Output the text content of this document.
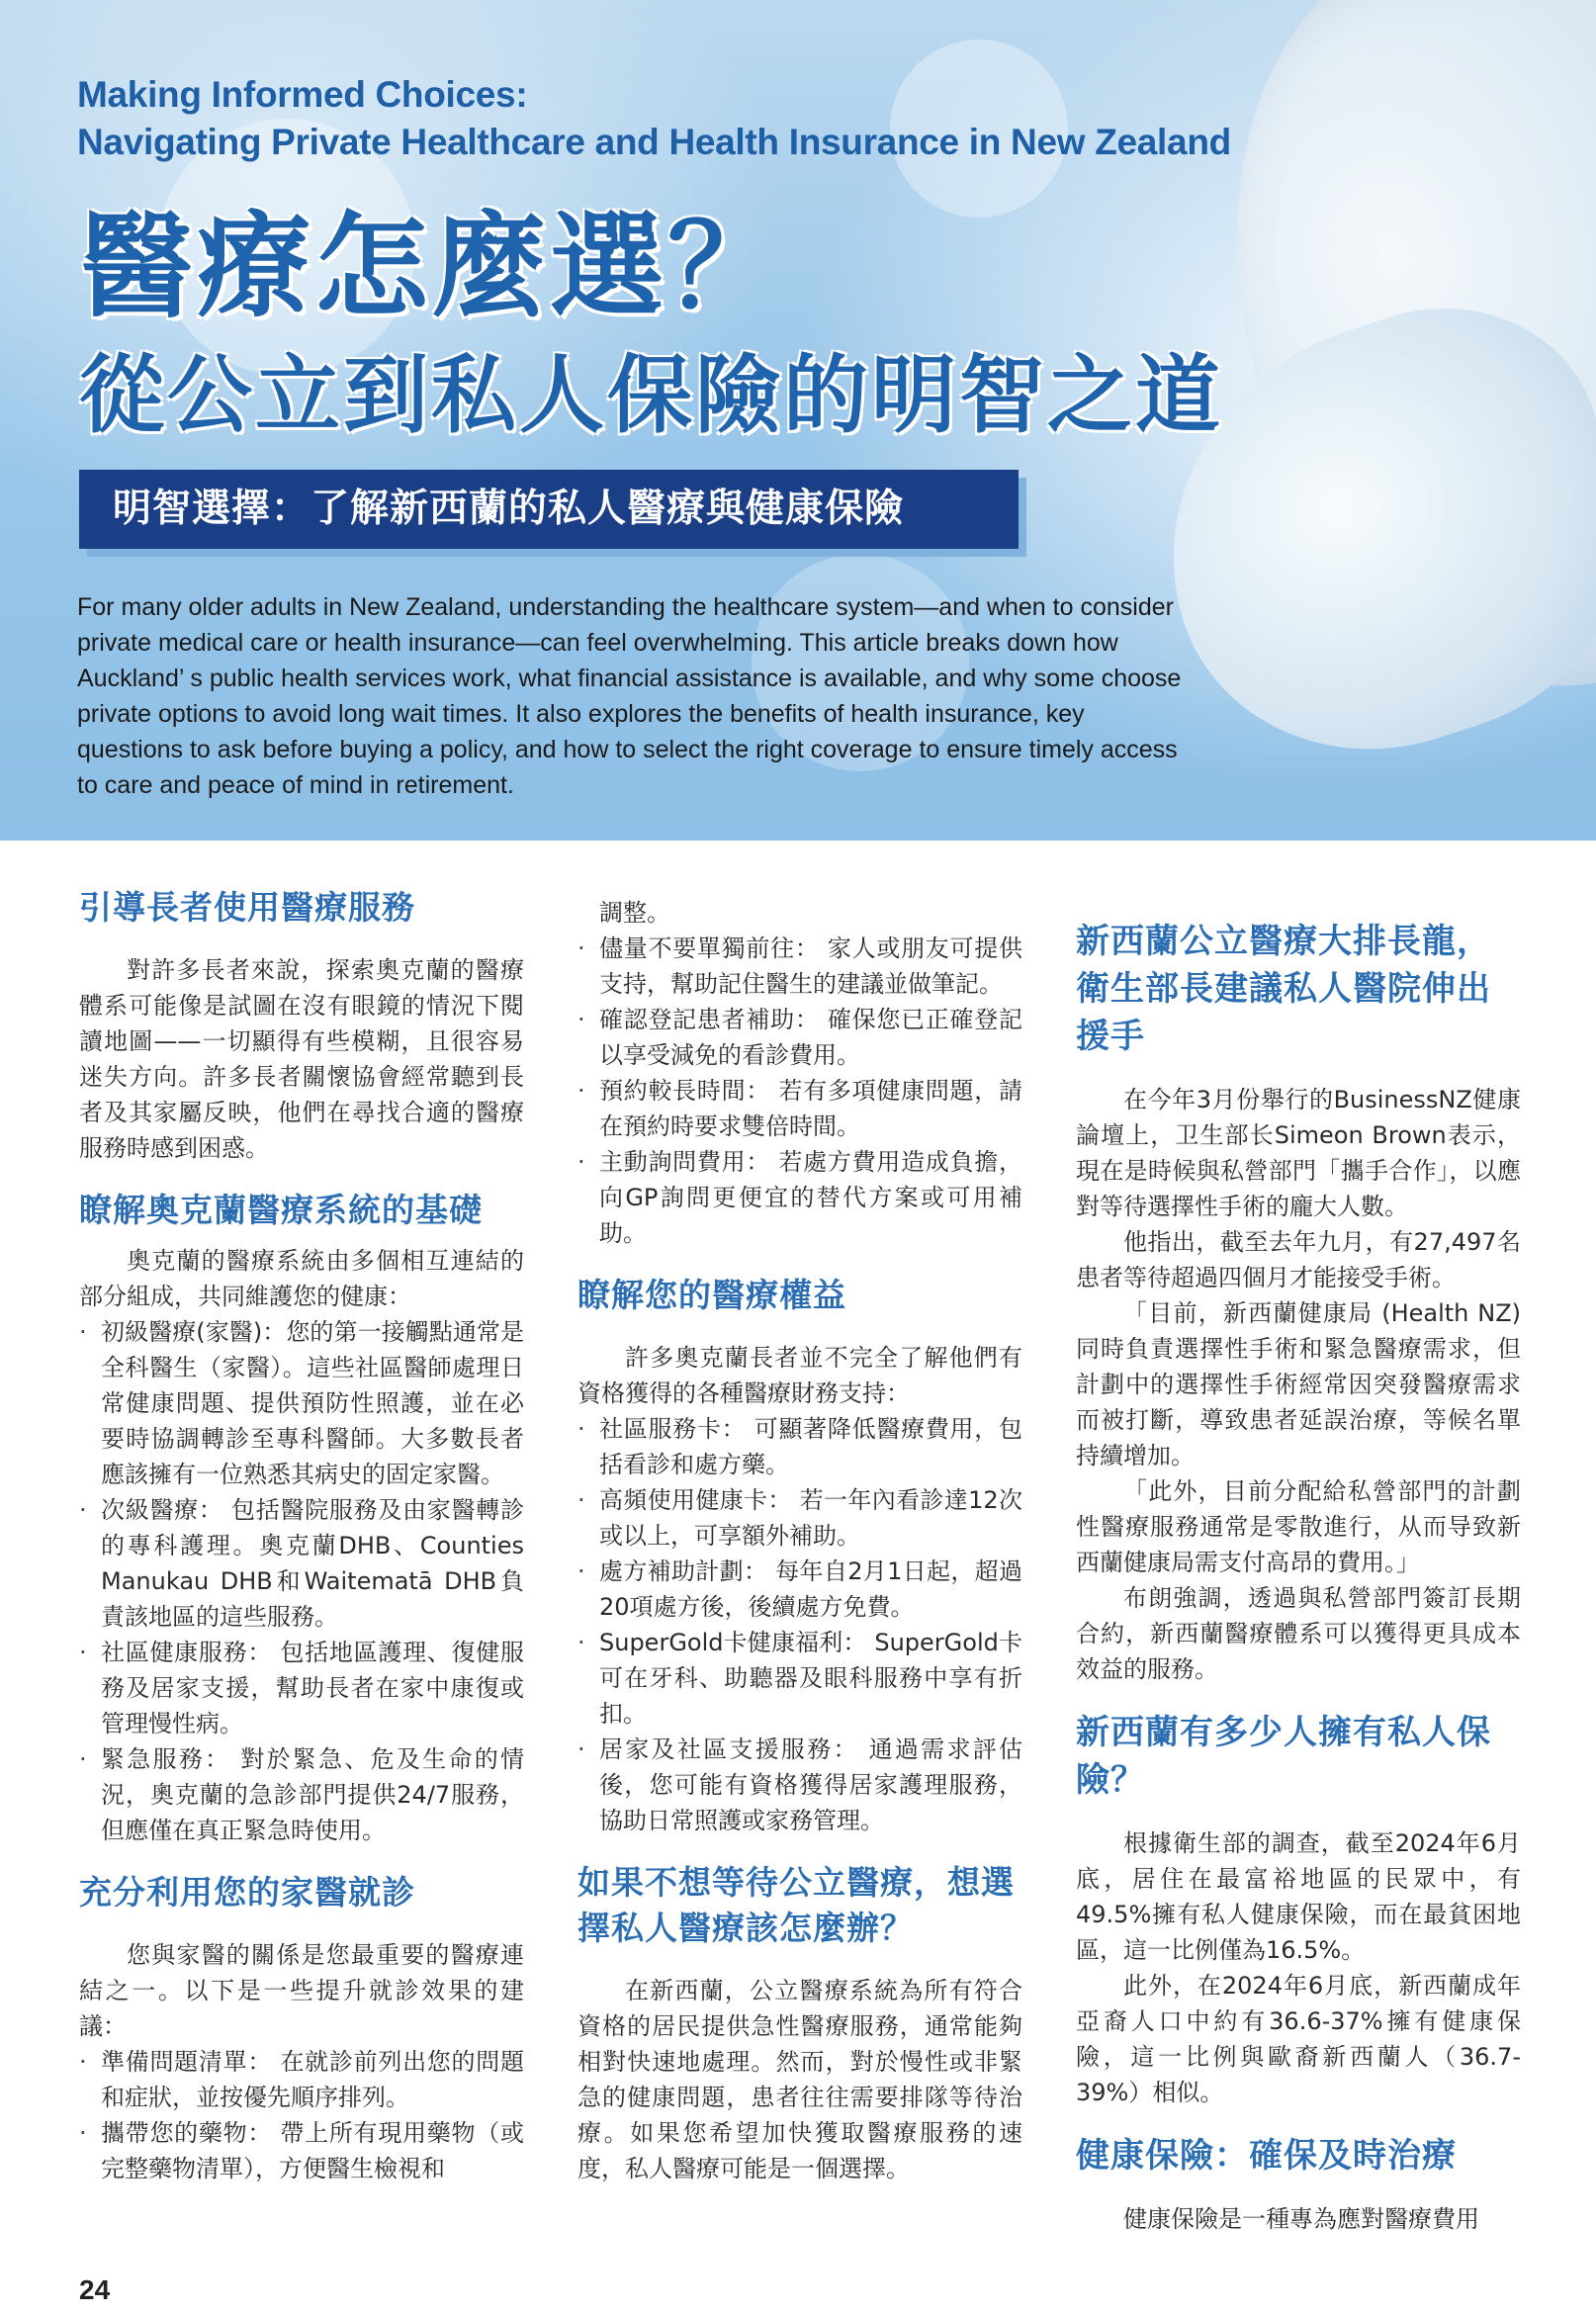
Making Informed Choices:
Navigating Private Healthcare and Health Insurance in New Zealand
醫療怎麼選？
從公立到私人保險的明智之道
明智選擇：了解新西蘭的私人醫療與健康保險
For many older adults in New Zealand, understanding the healthcare system—and when to consider private medical care or health insurance—can feel overwhelming. This article breaks down how Auckland’ s public health services work, what financial assistance is available, and why some choose private options to avoid long wait times. It also explores the benefits of health insurance, key questions to ask before buying a policy, and how to select the right coverage to ensure timely access to care and peace of mind in retirement.
引導長者使用醫療服務

對許多長者來說，探索奧克蘭的醫療體系可能像是試圖在沒有眼鏡的情況下閱讀地圖——一切顯得有些模糊，且很容易迷失方向。許多長者關懷協會經常聽到長者及其家屬反映，他們在尋找合適的醫療服務時感到困惑。

瞭解奧克蘭醫療系統的基礎

奧克蘭的醫療系統由多個相互連結的部分組成，共同維護您的健康：

· 初級醫療(家醫)：您的第一接觸點通常是全科醫生（家醫）。這些社區醫師處理日常健康問題、提供預防性照護，並在必要時協調轉診至專科醫師。大多數長者應該擁有一位熟悉其病史的固定家醫。
· 次級醫療： 包括醫院服務及由家醫轉診的專科護理。奧克蘭DHB、Counties Manukau DHB和Waitematā DHB負責該地區的這些服務。
· 社區健康服務： 包括地區護理、復健服務及居家支援，幫助長者在家中康復或管理慢性病。
· 緊急服務： 對於緊急、危及生命的情況，奧克蘭的急診部門提供24/7服務，但應僅在真正緊急時使用。
充分利用您的家醫就診

您與家醫的關係是您最重要的醫療連結之一。以下是一些提升就診效果的建議：

· 準備問題清單： 在就診前列出您的問題和症狀，並按優先順序排列。
· 攜帶您的藥物： 帶上所有現用藥物（或完整藥物清單），方便醫生檢視和

調整。

· 儘量不要單獨前往： 家人或朋友可提供支持，幫助記住醫生的建議並做筆記。
· 確認登記患者補助： 確保您已正確登記以享受減免的看診費用。
· 預約較長時間： 若有多項健康問題，請在預約時要求雙倍時間。
· 主動詢問費用： 若處方費用造成負擔，向GP詢問更便宜的替代方案或可用補助。
瞭解您的醫療權益

許多奧克蘭長者並不完全了解他們有資格獲得的各種醫療財務支持：

· 社區服務卡： 可顯著降低醫療費用，包括看診和處方藥。
· 高頻使用健康卡： 若一年內看診達12次或以上，可享額外補助。
· 處方補助計劃： 每年自2月1日起，超過20項處方後，後續處方免費。
· SuperGold卡健康福利： SuperGold卡可在牙科、助聽器及眼科服務中享有折扣。
· 居家及社區支援服務： 通過需求評估後，您可能有資格獲得居家護理服務，協助日常照護或家務管理。
如果不想等待公立醫療，想選擇私人醫療該怎麼辦？

在新西蘭，公立醫療系統為所有符合資格的居民提供急性醫療服務，通常能夠相對快速地處理。然而，對於慢性或非緊急的健康問題，患者往往需要排隊等待治療。如果您希望加快獲取醫療服務的速度，私人醫療可能是一個選擇。

新西蘭公立醫療大排長龍，衛生部長建議私人醫院伸出援手

在今年3月份舉行的BusinessNZ健康論壇上，卫生部长Simeon Brown表示，現在是時候與私營部門「攜手合作」，以應對等待選擇性手術的龐大人數。

他指出，截至去年九月，有27,497名患者等待超過四個月才能接受手術。

「目前，新西蘭健康局 (Health NZ) 同時負責選擇性手術和緊急醫療需求，但計劃中的選擇性手術經常因突發醫療需求而被打斷，導致患者延誤治療，等候名單持續增加。

「此外，目前分配給私營部門的計劃性醫療服務通常是零散進行，从而导致新西蘭健康局需支付高昂的費用。」

布朗強調，透過與私營部門簽訂長期合約，新西蘭醫療體系可以獲得更具成本效益的服務。

新西蘭有多少人擁有私人保險？

根據衛生部的調查，截至2024年6月底，居住在最富裕地區的民眾中，有49.5%擁有私人健康保險，而在最貧困地區，這一比例僅為16.5%。

此外，在2024年6月底，新西蘭成年亞裔人口中約有36.6-37%擁有健康保險，這一比例與歐裔新西蘭人（36.7-39%）相似。

健康保險：確保及時治療

健康保險是一種專為應對醫療費用

24
